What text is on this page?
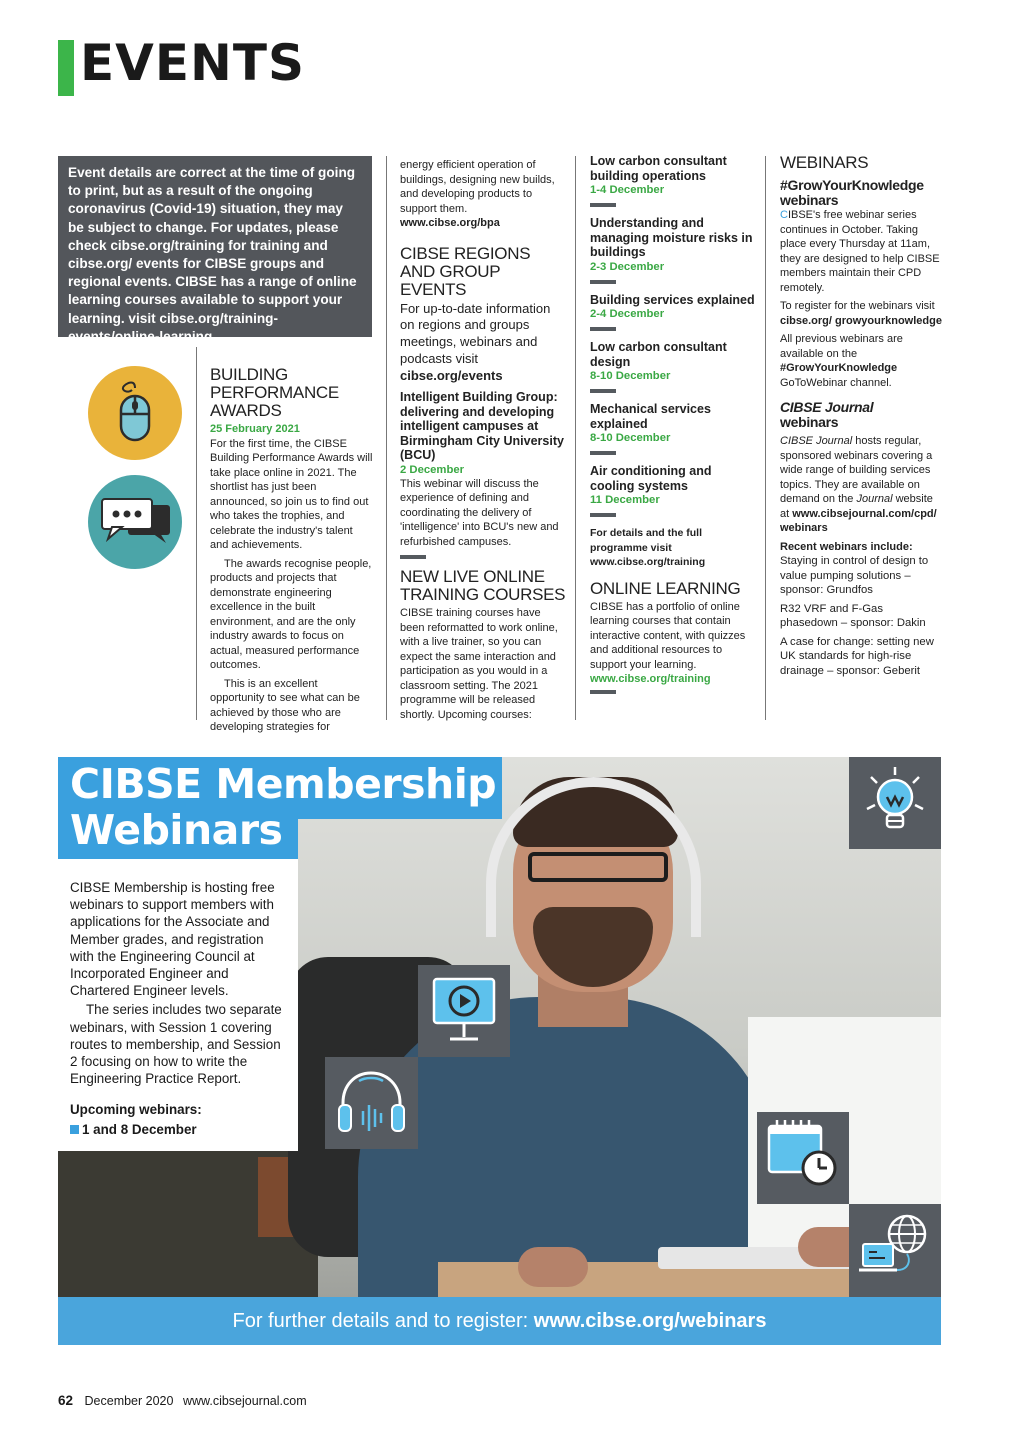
EVENTS
Event details are correct at the time of going to print, but as a result of the ongoing coronavirus (Covid-19) situation, they may be subject to change. For updates, please check cibse.org/training for training and cibse.org/ events for CIBSE groups and regional events. CIBSE has a range of online learning courses available to support your learning. visit cibse.org/training-events/online-learning
BUILDING PERFORMANCE AWARDS
25 February 2021

For the first time, the CIBSE Building Performance Awards will take place online in 2021. The shortlist has just been announced, so join us to find out who takes the trophies, and celebrate the industry's talent and achievements.

The awards recognise people, products and projects that demonstrate engineering excellence in the built environment, and are the only industry awards to focus on actual, measured performance outcomes.

This is an excellent opportunity to see what can be achieved by those who are developing strategies for

energy efficient operation of buildings, designing new builds, and developing products to support them. www.cibse.org/bpa

CIBSE REGIONS AND GROUP EVENTS

For up-to-date information on regions and groups meetings, webinars and podcasts visit cibse.org/events

Intelligent Building Group: delivering and developing intelligent campuses at Birmingham City University (BCU)
2 December

This webinar will discuss the experience of defining and coordinating the delivery of 'intelligence' into BCU's new and refurbished campuses.

NEW LIVE ONLINE TRAINING COURSES

CIBSE training courses have been reformatted to work online, with a live trainer, so you can expect the same interaction and participation as you would in a classroom setting. The 2021 programme will be released shortly. Upcoming courses:

Low carbon consultant building operations
1-4 December
Understanding and managing moisture risks in buildings
2-3 December
Building services explained
2-4 December
Low carbon consultant design
8-10 December
Mechanical services explained
8-10 December
Air conditioning and cooling systems
11 December

For details and the full programme visit www.cibse.org/training

ONLINE LEARNING

CIBSE has a portfolio of online learning courses that contain interactive content, with quizzes and additional resources to support your learning.

www.cibse.org/training
WEBINARS
#GrowYourKnowledge webinars

CIBSE's free webinar series continues in October. Taking place every Thursday at 11am, they are designed to help CIBSE members maintain their CPD remotely.

To register for the webinars visit cibse.org/ growyourknowledge

All previous webinars are available on the #GrowYourKnowledge GoToWebinar channel.

CIBSE Journal
webinars

CIBSE Journal hosts regular, sponsored webinars covering a wide range of building services topics. They are available on demand on the Journal website at www.cibsejournal.com/cpd/ webinars

Recent webinars include:

Staying in control of design to value pumping solutions – sponsor: Grundfos

R32 VRF and F-Gas phasedown – sponsor: Dakin

A case for change: setting new UK standards for high-rise drainage – sponsor: Geberit

CIBSE Membership
Webinars

CIBSE Membership is hosting free webinars to support members with applications for the Associate and Member grades, and registration with the Engineering Council at Incorporated Engineer and Chartered Engineer levels.

The series includes two separate webinars, with Session 1 covering routes to membership, and Session 2 focusing on how to write the Engineering Practice Report.

Upcoming webinars:

1 and 8 December

For further details and to register: www.cibse.org/webinars
62 December 2020 www.cibsejournal.com
